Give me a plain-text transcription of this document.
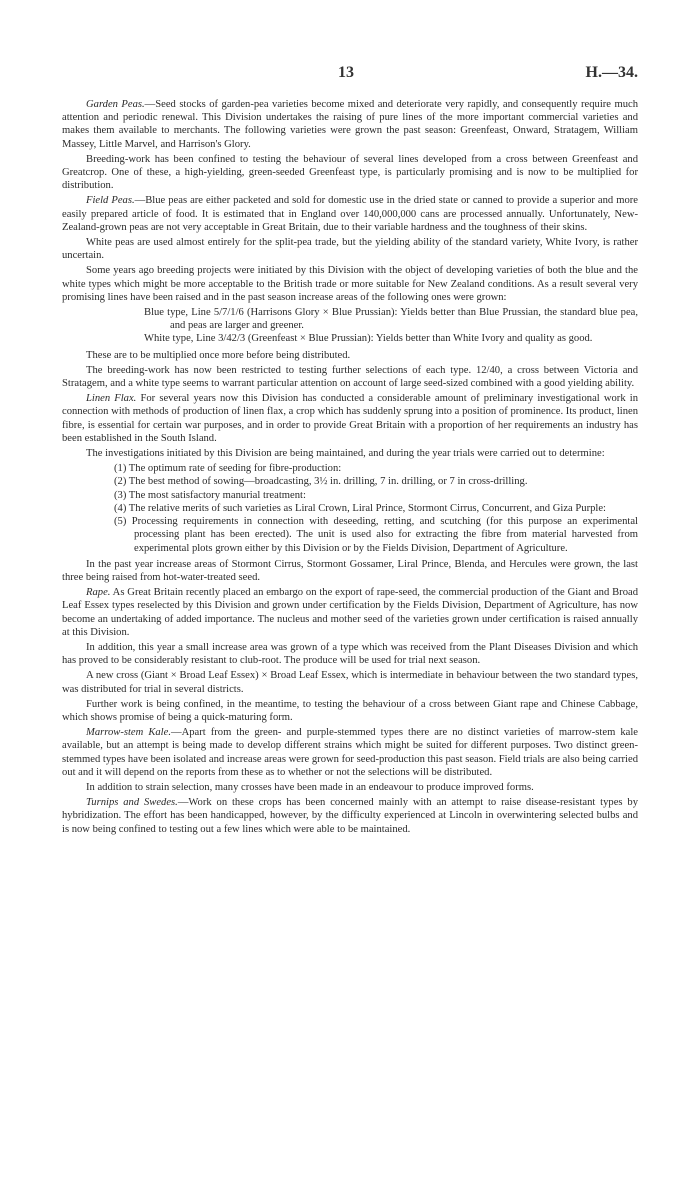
13	H.—34.

Garden Peas.—Seed stocks of garden-pea varieties become mixed and deteriorate very rapidly, and consequently require much attention and periodic renewal. This Division undertakes the raising of pure lines of the more important commercial varieties and makes them available to merchants. The following varieties were grown the past season: Greenfeast, Onward, Stratagem, William Massey, Little Marvel, and Harrison's Glory.

Breeding-work has been confined to testing the behaviour of several lines developed from a cross between Greenfeast and Greatcrop. One of these, a high-yielding, green-seeded Greenfeast type, is particularly promising and is now to be multiplied for distribution.

Field Peas.—Blue peas are either packeted and sold for domestic use in the dried state or canned to provide a superior and more easily prepared article of food. It is estimated that in England over 140,000,000 cans are processed annually. Unfortunately, New-Zealand-grown peas are not very acceptable in Great Britain, due to their variable hardness and the toughness of their skins.

White peas are used almost entirely for the split-pea trade, but the yielding ability of the standard variety, White Ivory, is rather uncertain.

Some years ago breeding projects were initiated by this Division with the object of developing varieties of both the blue and the white types which might be more acceptable to the British trade or more suitable for New Zealand conditions. As a result several very promising lines have been raised and in the past season increase areas of the following ones were grown:

Blue type, Line 5/7/1/6 (Harrisons Glory × Blue Prussian): Yields better than Blue Prussian, the standard blue pea, and peas are larger and greener.
White type, Line 3/42/3 (Greenfeast × Blue Prussian): Yields better than White Ivory and quality as good.

These are to be multiplied once more before being distributed.

The breeding-work has now been restricted to testing further selections of each type. 12/40, a cross between Victoria and Stratagem, and a white type seems to warrant particular attention on account of large seed-sized combined with a good yielding ability.

Linen Flax. For several years now this Division has conducted a considerable amount of preliminary investigational work in connection with methods of production of linen flax, a crop which has suddenly sprung into a position of prominence. Its product, linen fibre, is essential for certain war purposes, and in order to provide Great Britain with a proportion of her requirements an industry has been established in the South Island.

The investigations initiated by this Division are being maintained, and during the year trials were carried out to determine:

(1) The optimum rate of seeding for fibre-production:
(2) The best method of sowing—broadcasting, 3½ in. drilling, 7 in. drilling, or 7 in cross-drilling.
(3) The most satisfactory manurial treatment:
(4) The relative merits of such varieties as Liral Crown, Liral Prince, Stormont Cirrus, Concurrent, and Giza Purple:
(5) Processing requirements in connection with deseeding, retting, and scutching (for this purpose an experimental processing plant has been erected). The unit is used also for extracting the fibre from material harvested from experimental plots grown either by this Division or by the Fields Division, Department of Agriculture.

In the past year increase areas of Stormont Cirrus, Stormont Gossamer, Liral Prince, Blenda, and Hercules were grown, the last three being raised from hot-water-treated seed.

Rape. As Great Britain recently placed an embargo on the export of rape-seed, the commercial production of the Giant and Broad Leaf Essex types reselected by this Division and grown under certification by the Fields Division, Department of Agriculture, has now become an undertaking of added importance. The nucleus and mother seed of the varieties grown under certification is raised annually at this Division.

In addition, this year a small increase area was grown of a type which was received from the Plant Diseases Division and which has proved to be considerably resistant to club-root. The produce will be used for trial next season.

A new cross (Giant × Broad Leaf Essex) × Broad Leaf Essex, which is intermediate in behaviour between the two standard types, was distributed for trial in several districts.

Further work is being confined, in the meantime, to testing the behaviour of a cross between Giant rape and Chinese Cabbage, which shows promise of being a quick-maturing form.

Marrow-stem Kale.—Apart from the green- and purple-stemmed types there are no distinct varieties of marrow-stem kale available, but an attempt is being made to develop different strains which might be suited for different purposes. Two distinct green-stemmed types have been isolated and increase areas were grown for seed-production this past season. Field trials are also being carried out and it will depend on the reports from these as to whether or not the selections will be distributed.

In addition to strain selection, many crosses have been made in an endeavour to produce improved forms.

Turnips and Swedes.—Work on these crops has been concerned mainly with an attempt to raise disease-resistant types by hybridization. The effort has been handicapped, however, by the difficulty experienced at Lincoln in overwintering selected bulbs and is now being confined to testing out a few lines which were able to be maintained.
